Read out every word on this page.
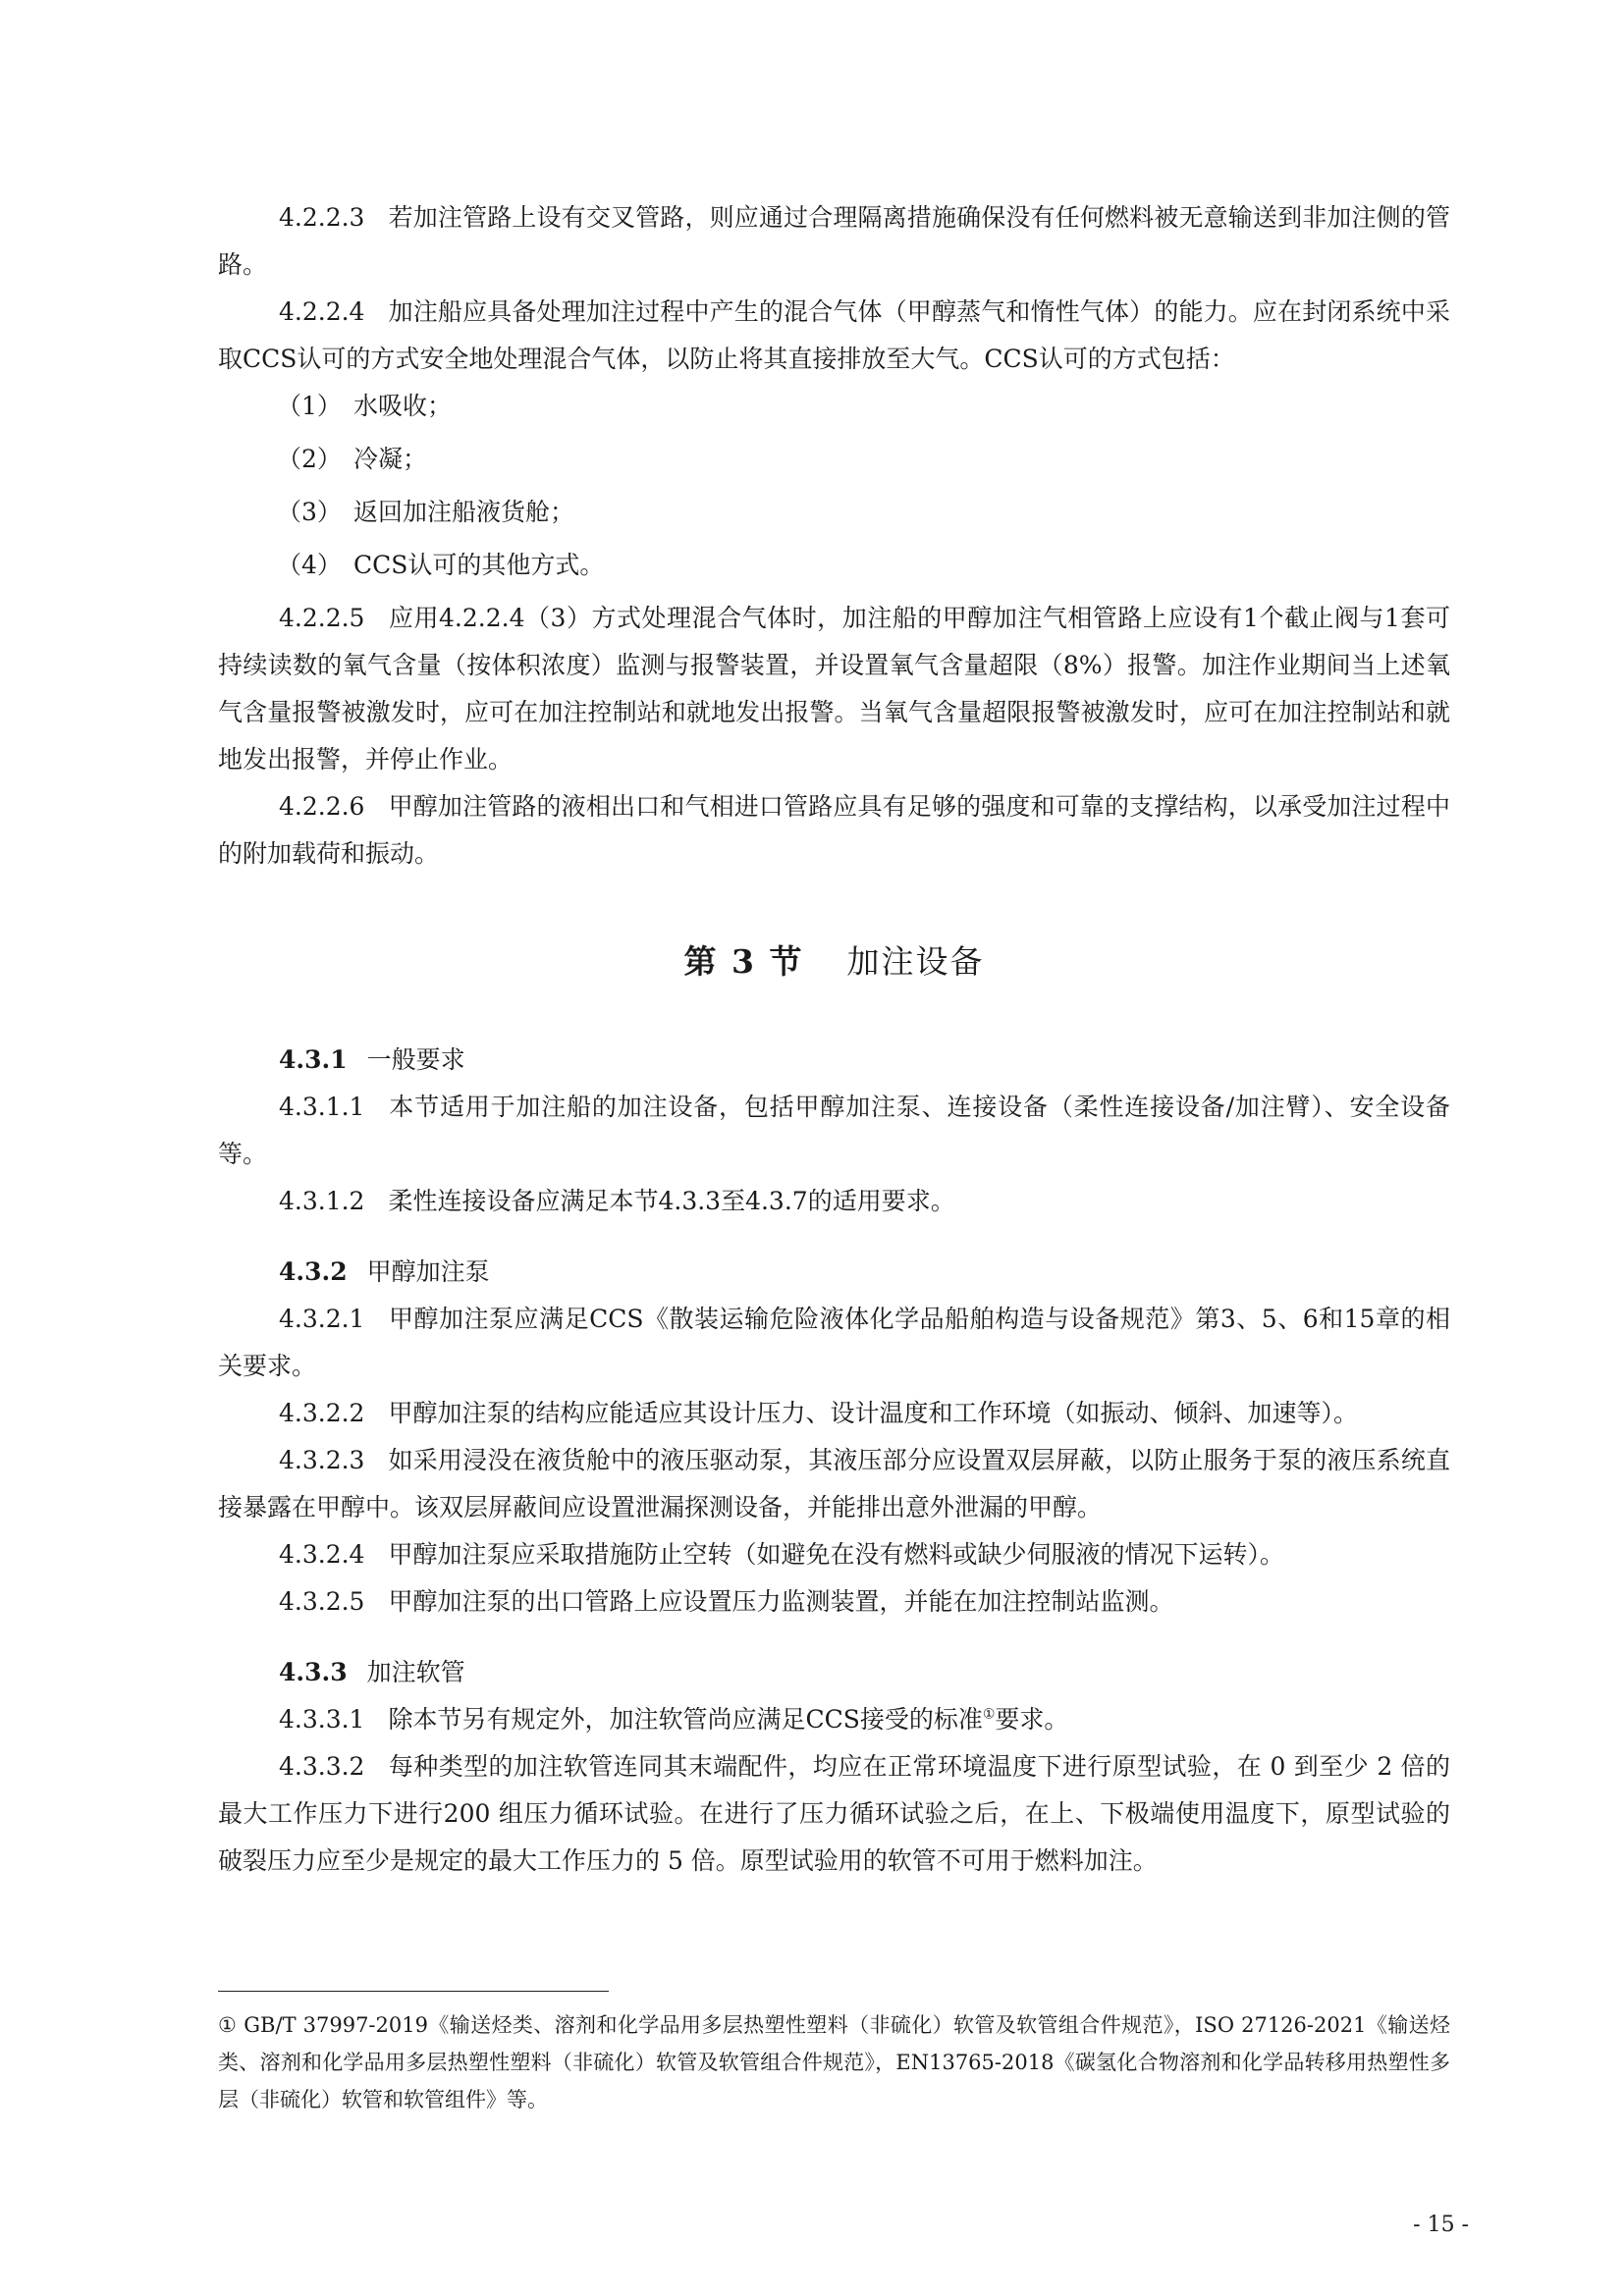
4.2.2.3 若加注管路上设有交叉管路，则应通过合理隔离措施确保没有任何燃料被无意输送到非加注侧的管路。

4.2.2.4 加注船应具备处理加注过程中产生的混合气体（甲醇蒸气和惰性气体）的能力。应在封闭系统中采取CCS认可的方式安全地处理混合气体，以防止将其直接排放至大气。CCS认可的方式包括：

（1） 水吸收；

（2） 冷凝；

（3） 返回加注船液货舱；

（4） CCS认可的其他方式。

4.2.2.5 应用4.2.2.4（3）方式处理混合气体时，加注船的甲醇加注气相管路上应设有1个截止阀与1套可持续读数的氧气含量（按体积浓度）监测与报警装置，并设置氧气含量超限（8%）报警。加注作业期间当上述氧气含量报警被激发时，应可在加注控制站和就地发出报警。当氧气含量超限报警被激发时，应可在加注控制站和就地发出报警，并停止作业。

4.2.2.6 甲醇加注管路的液相出口和气相进口管路应具有足够的强度和可靠的支撑结构，以承受加注过程中的附加载荷和振动。

第 3 节 加注设备

4.3.1 一般要求

4.3.1.1 本节适用于加注船的加注设备，包括甲醇加注泵、连接设备（柔性连接设备/加注臂）、安全设备等。

4.3.1.2 柔性连接设备应满足本节4.3.3至4.3.7的适用要求。

4.3.2 甲醇加注泵

4.3.2.1 甲醇加注泵应满足CCS《散装运输危险液体化学品船舶构造与设备规范》第3、5、6和15章的相关要求。

4.3.2.2 甲醇加注泵的结构应能适应其设计压力、设计温度和工作环境（如振动、倾斜、加速等）。

4.3.2.3 如采用浸没在液货舱中的液压驱动泵，其液压部分应设置双层屏蔽，以防止服务于泵的液压系统直接暴露在甲醇中。该双层屏蔽间应设置泄漏探测设备，并能排出意外泄漏的甲醇。

4.3.2.4 甲醇加注泵应采取措施防止空转（如避免在没有燃料或缺少伺服液的情况下运转）。

4.3.2.5 甲醇加注泵的出口管路上应设置压力监测装置，并能在加注控制站监测。

4.3.3 加注软管

4.3.3.1 除本节另有规定外，加注软管尚应满足CCS接受的标准①要求。

4.3.3.2 每种类型的加注软管连同其末端配件，均应在正常环境温度下进行原型试验，在 0 到至少 2 倍的最大工作压力下进行200 组压力循环试验。在进行了压力循环试验之后，在上、下极端使用温度下，原型试验的破裂压力应至少是规定的最大工作压力的 5 倍。原型试验用的软管不可用于燃料加注。

① GB/T 37997-2019《输送烃类、溶剂和化学品用多层热塑性塑料（非硫化）软管及软管组合件规范》，ISO 27126-2021《输送烃类、溶剂和化学品用多层热塑性塑料（非硫化）软管及软管组合件规范》，EN13765-2018《碳氢化合物溶剂和化学品转移用热塑性多层（非硫化）软管和软管组件》等。

- 15 -
